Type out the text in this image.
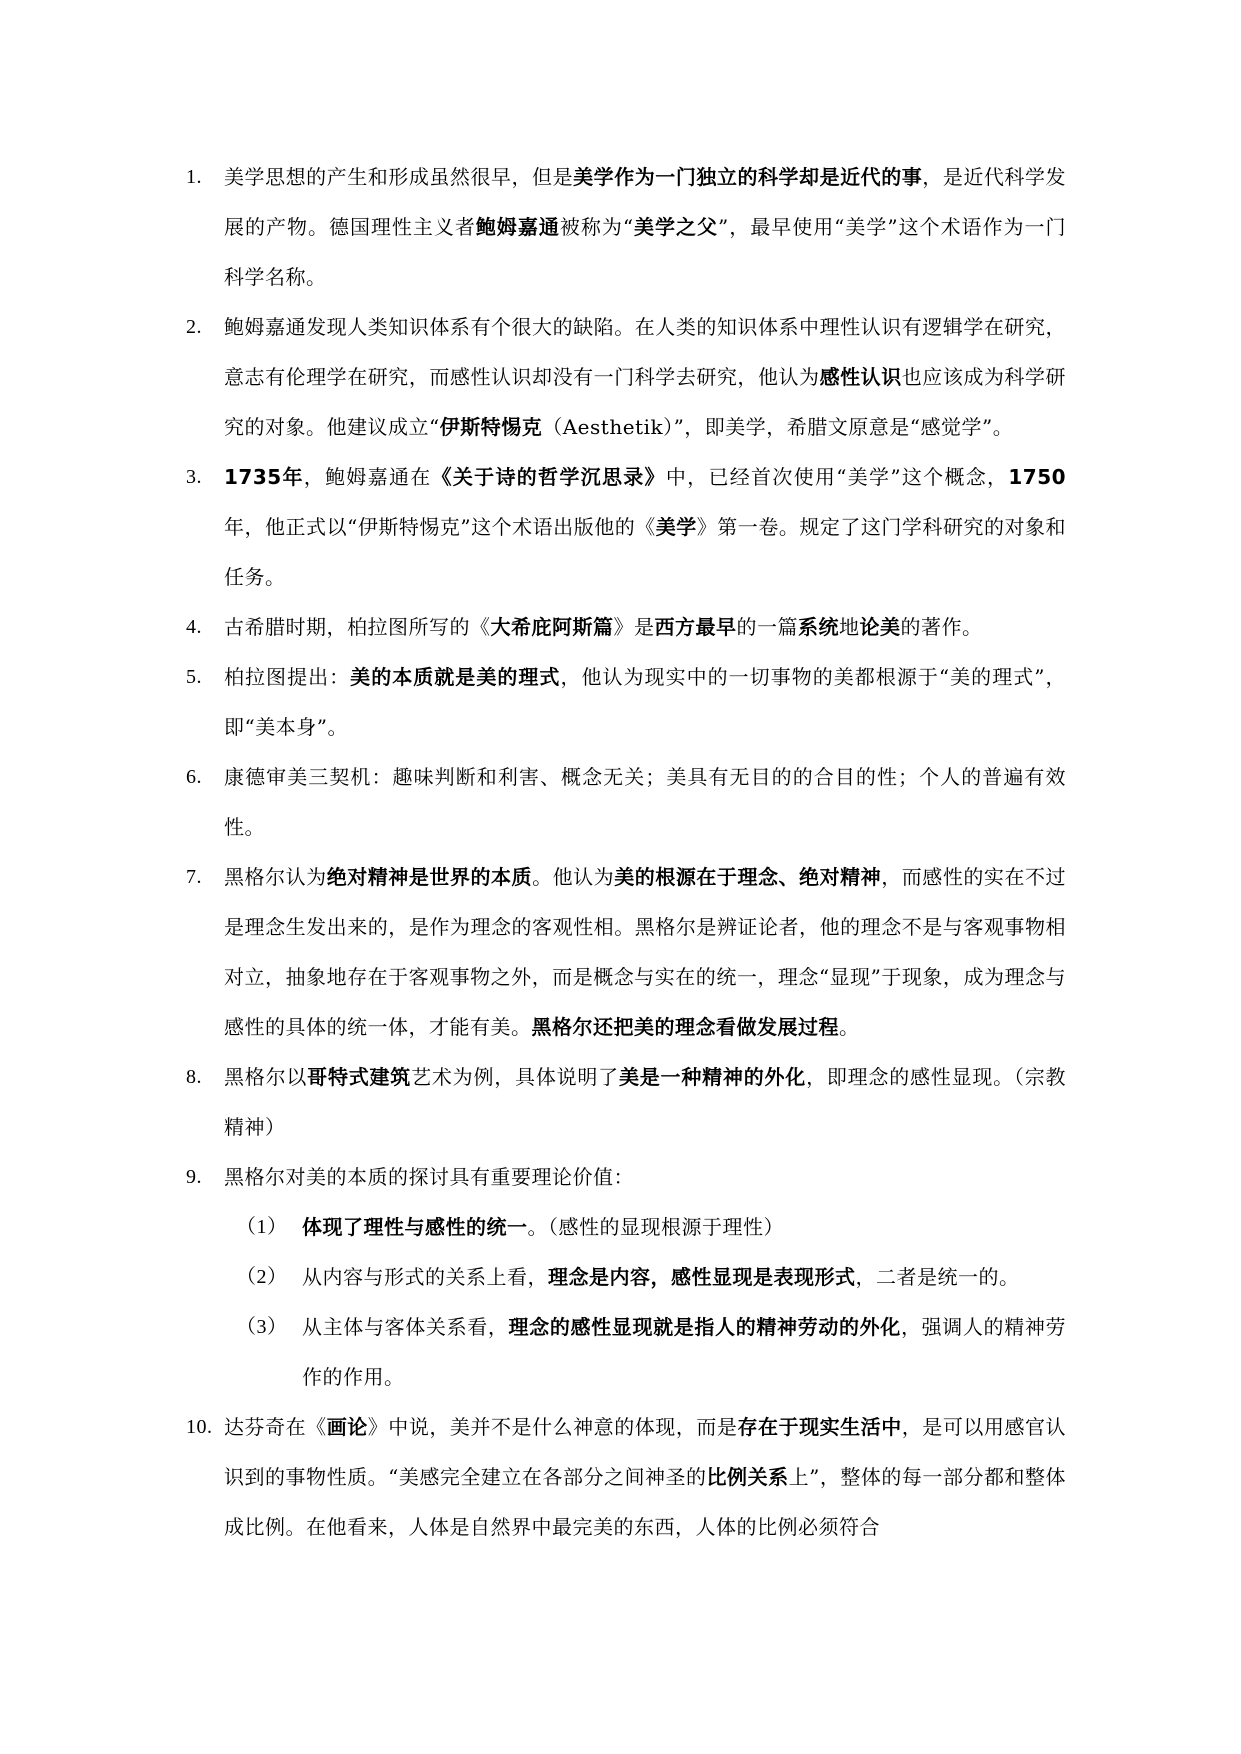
1. 美学思想的产生和形成虽然很早，但是美学作为一门独立的科学却是近代的事，是近代科学发展的产物。德国理性主义者鲍姆嘉通被称为“美学之父”，最早使用“美学”这个术语作为一门科学名称。
2. 鲍姆嘉通发现人类知识体系有个很大的缺陷。在人类的知识体系中理性认识有逻辑学在研究，意志有伦理学在研究，而感性认识却没有一门科学去研究，他认为感性认识也应该成为科学研究的对象。他建议成立“伊斯特惕克（Aesthetik）”，即美学，希腊文原意是“感觉学”。
3. 1735年，鲍姆嘉通在《关于诗的哲学沉思录》中，已经首次使用“美学”这个概念，1750年，他正式以“伊斯特惕克”这个术语出版他的《美学》第一卷。规定了这门学科研究的对象和任务。
4. 古希腊时期，柏拉图所写的《大希庇阿斯篇》是西方最早的一篇系统地论美的著作。
5. 柏拉图提出：美的本质就是美的理式，他认为现实中的一切事物的美都根源于“美的理式”，即“美本身”。
6. 康德审美三契机：趣味判断和利害、概念无关；美具有无目的的合目的性；个人的普遍有效性。
7. 黑格尔认为绝对精神是世界的本质。他认为美的根源在于理念、绝对精神，而感性的实在不过是理念生发出来的，是作为理念的客观性相。黑格尔是辨证论者，他的理念不是与客观事物相对立，抽象地存在于客观事物之外，而是概念与实在的统一，理念“显现”于现象，成为理念与感性的具体的统一体，才能有美。黑格尔还把美的理念看做发展过程。
8. 黑格尔以哥特式建筑艺术为例，具体说明了美是一种精神的外化，即理念的感性显现。（宗教精神）
9. 黑格尔对美的本质的探讨具有重要理论价值：
（1） 体现了理性与感性的统一。（感性的显现根源于理性）
（2） 从内容与形式的关系上看，理念是内容，感性显现是表现形式，二者是统一的。
（3） 从主体与客体关系看，理念的感性显现就是指人的精神劳动的外化，强调人的精神劳作的作用。
10. 达芬奇在《画论》中说，美并不是什么神意的体现，而是存在于现实生活中，是可以用感官认识到的事物性质。“美感完全建立在各部分之间神圣的比例关系上”，整体的每一部分都和整体成比例。在他看来，人体是自然界中最完美的东西，人体的比例必须符合
